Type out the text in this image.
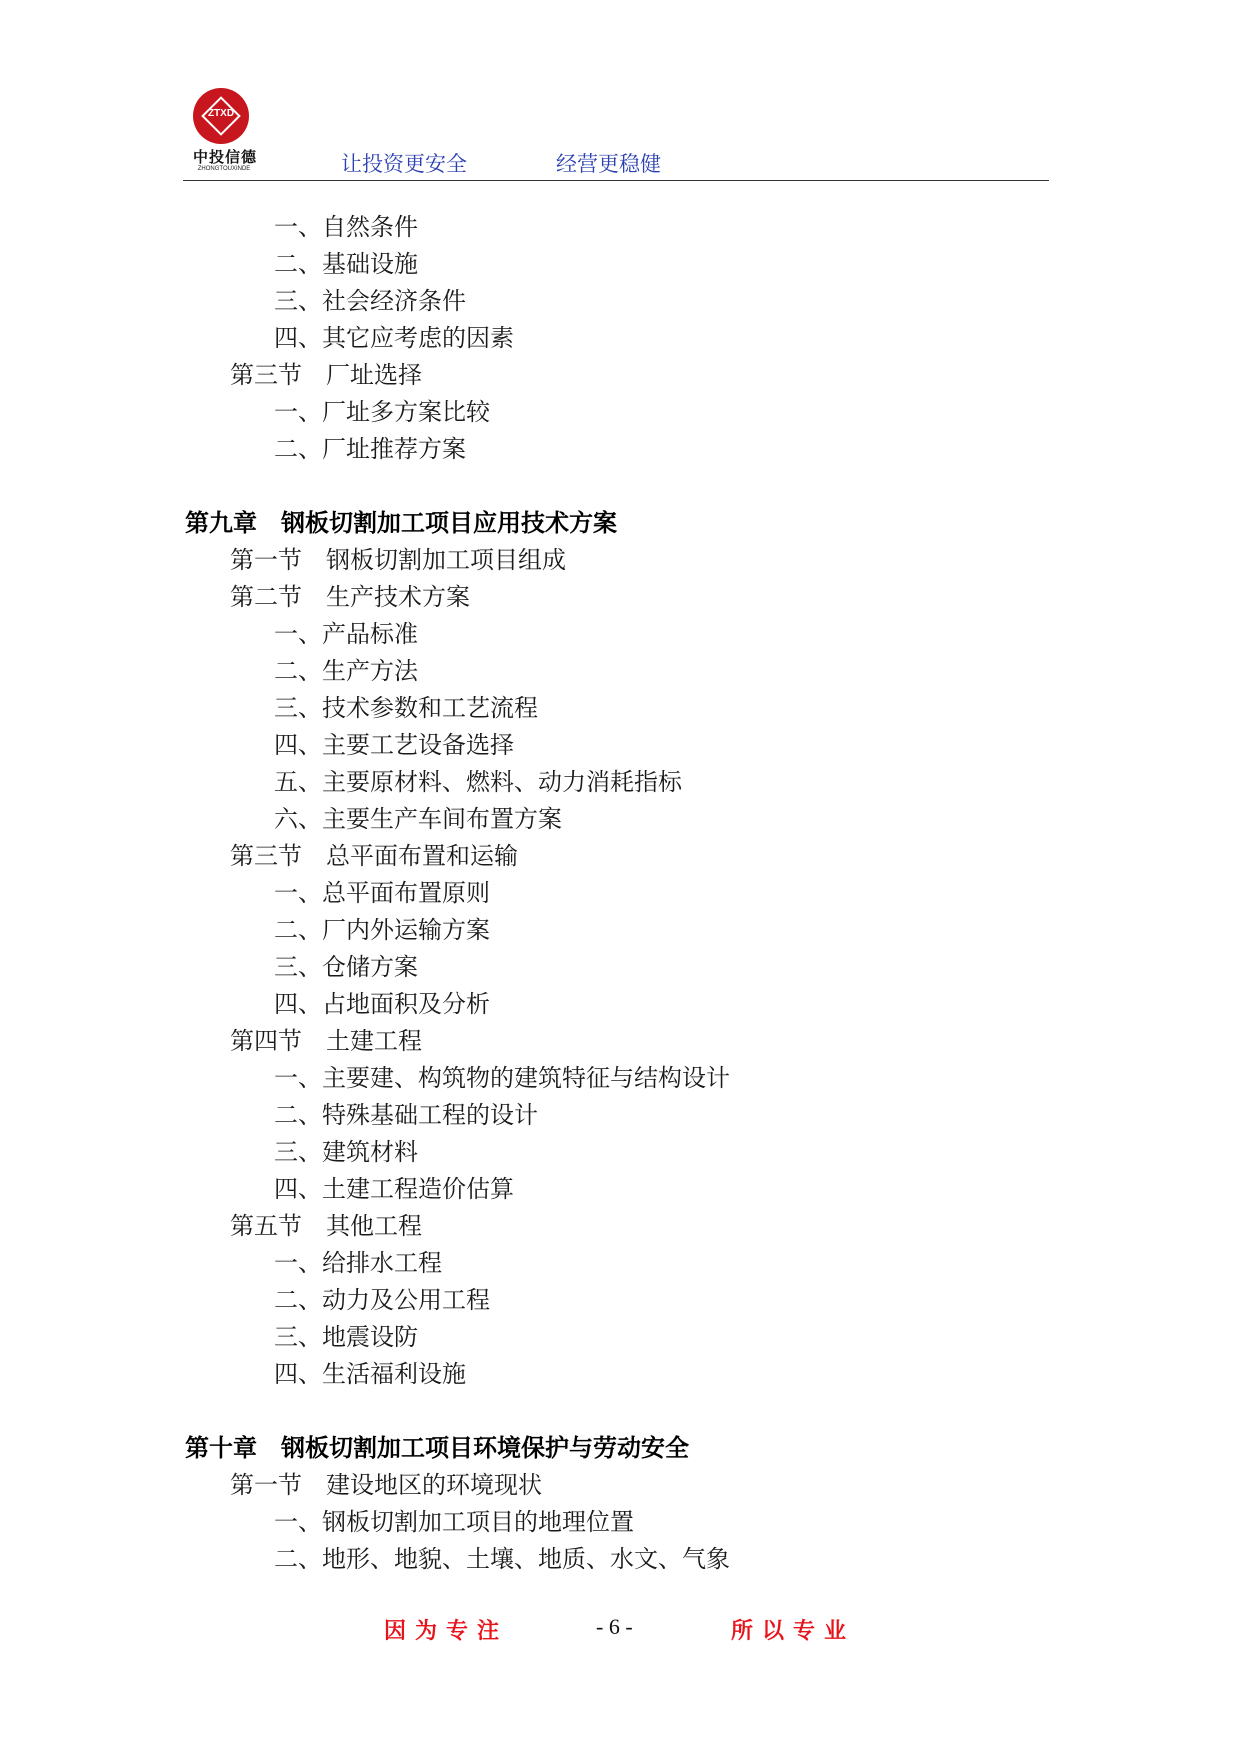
ZTXD
中投信德
ZHONGTOUXINDE	让投资更安全	经营更稳健
一、自然条件
二、基础设施
三、社会经济条件
四、其它应考虑的因素
第三节　厂址选择
一、厂址多方案比较
二、厂址推荐方案
第九章　钢板切割加工项目应用技术方案
第一节　钢板切割加工项目组成
第二节　生产技术方案
一、产品标准
二、生产方法
三、技术参数和工艺流程
四、主要工艺设备选择
五、主要原材料、燃料、动力消耗指标
六、主要生产车间布置方案
第三节　总平面布置和运输
一、总平面布置原则
二、厂内外运输方案
三、仓储方案
四、占地面积及分析
第四节　土建工程
一、主要建、构筑物的建筑特征与结构设计
二、特殊基础工程的设计
三、建筑材料
四、土建工程造价估算
第五节　其他工程
一、给排水工程
二、动力及公用工程
三、地震设防
四、生活福利设施
第十章　钢板切割加工项目环境保护与劳动安全
第一节　建设地区的环境现状
一、钢板切割加工项目的地理位置
二、地形、地貌、土壤、地质、水文、气象
因为专注	- 6 -	所以专业
